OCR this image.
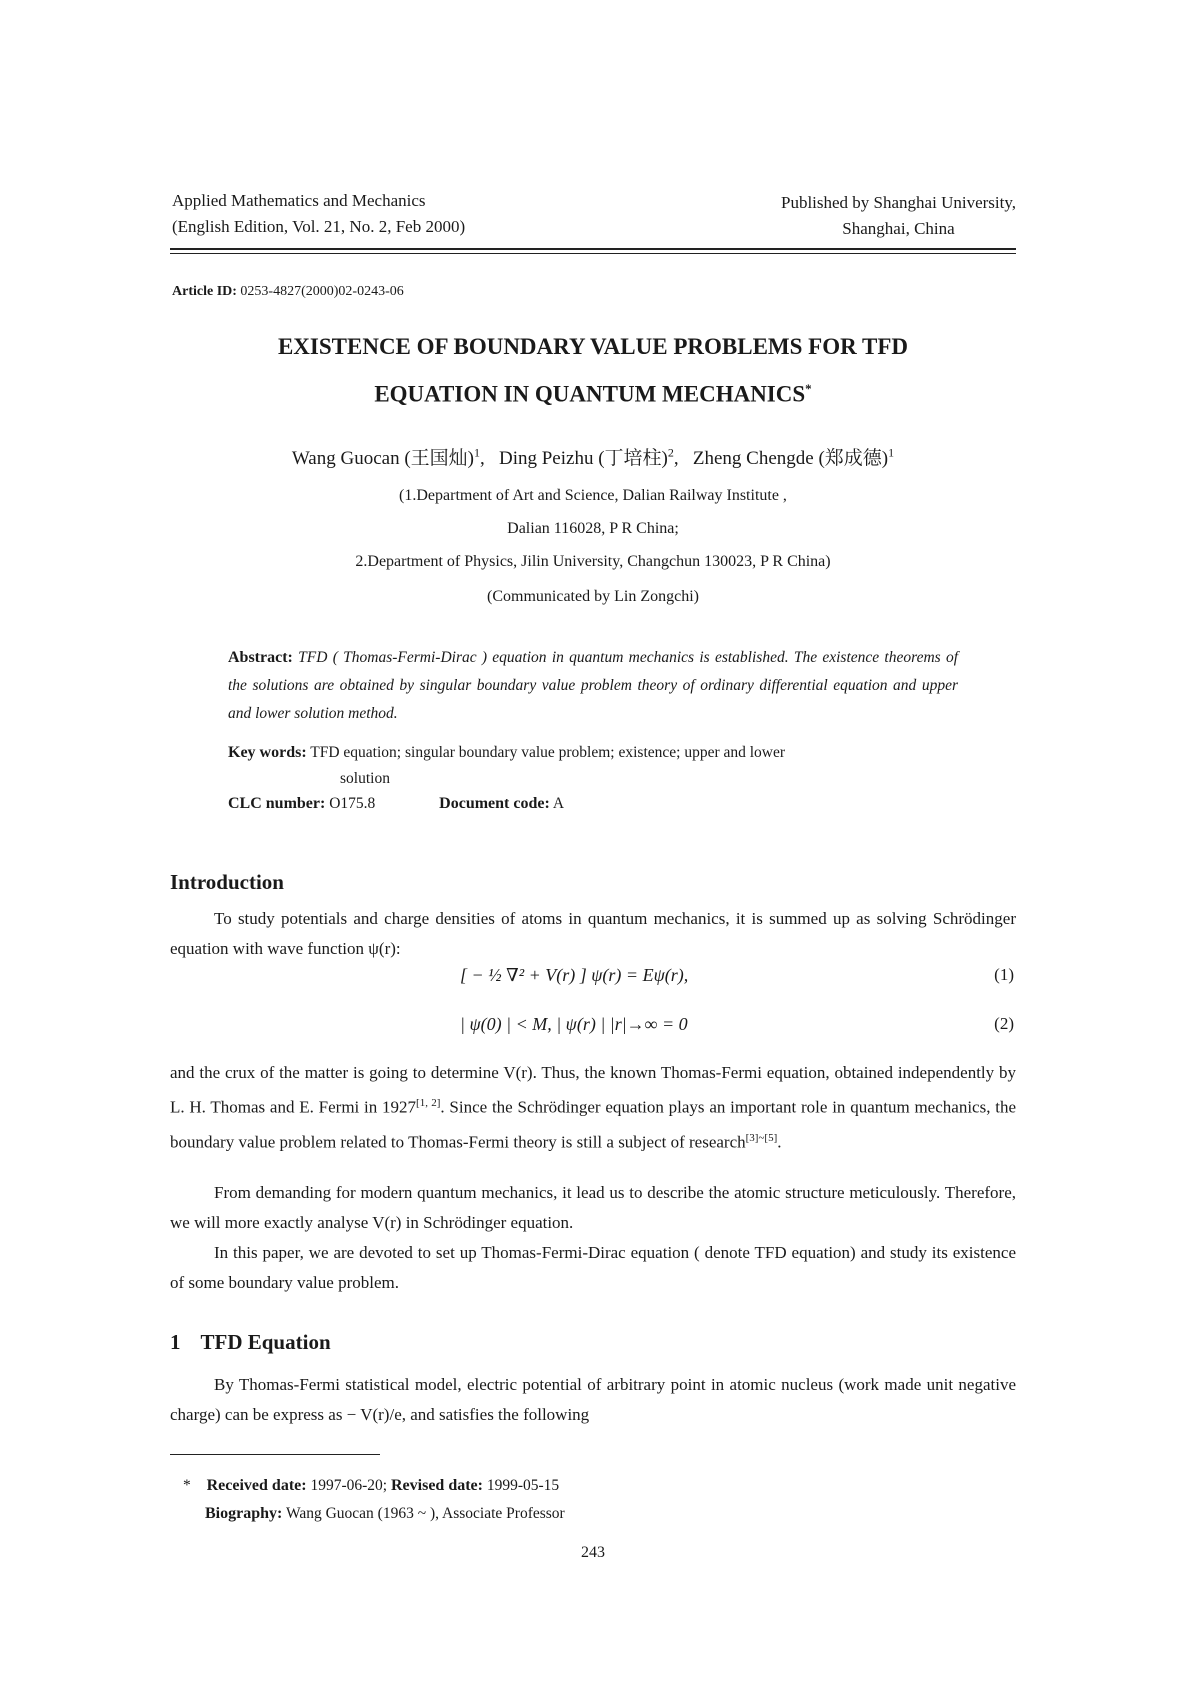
Applied Mathematics and Mechanics
(English Edition, Vol. 21, No. 2, Feb 2000)
Published by Shanghai University,
Shanghai, China
Article ID: 0253-4827(2000)02-0243-06
EXISTENCE OF BOUNDARY VALUE PROBLEMS FOR TFD
EQUATION IN QUANTUM MECHANICS*
Wang Guocan (王国灿)$^1$,   Ding Peizhu (丁培柱)$^2$,   Zheng Chengde (郑成德)$^1$
(1.Department of Art and Science, Dalian Railway Institute ,
Dalian 116028, P R China;
2.Department of Physics, Jilin University, Changchun 130023, P R China)
(Communicated by Lin Zongchi)
Abstract: TFD ( Thomas-Fermi-Dirac ) equation in quantum mechanics is established. The existence theorems of the solutions are obtained by singular boundary value problem theory of ordinary differential equation and upper and lower solution method.
Key words: TFD equation; singular boundary value problem; existence; upper and lower
solution
CLC number: O175.8	Document code: A
Introduction
To study potentials and charge densities of atoms in quantum mechanics, it is summed up as solving Schrödinger equation with wave function ψ(r):
[ − ½ ∇² + V(r) ] ψ(r) = Eψ(r),	(1)
| ψ(0) | < M, | ψ(r) | |r|→∞ = 0	(2)
and the crux of the matter is going to determine V(r). Thus, the known Thomas-Fermi equation, obtained independently by L. H. Thomas and E. Fermi in 1927[1, 2]. Since the Schrödinger equation plays an important role in quantum mechanics, the boundary value problem related to Thomas-Fermi theory is still a subject of research[3]~[5].
From demanding for modern quantum mechanics, it lead us to describe the atomic structure meticulously. Therefore, we will more exactly analyse V(r) in Schrödinger equation.
In this paper, we are devoted to set up Thomas-Fermi-Dirac equation ( denote TFD equation) and study its existence of some boundary value problem.
1 TFD Equation
By Thomas-Fermi statistical model, electric potential of arbitrary point in atomic nucleus (work made unit negative charge) can be express as − V(r)/e, and satisfies the following
* Received date: 1997-06-20; Revised date: 1999-05-15
Biography: Wang Guocan (1963 ~ ), Associate Professor
243
